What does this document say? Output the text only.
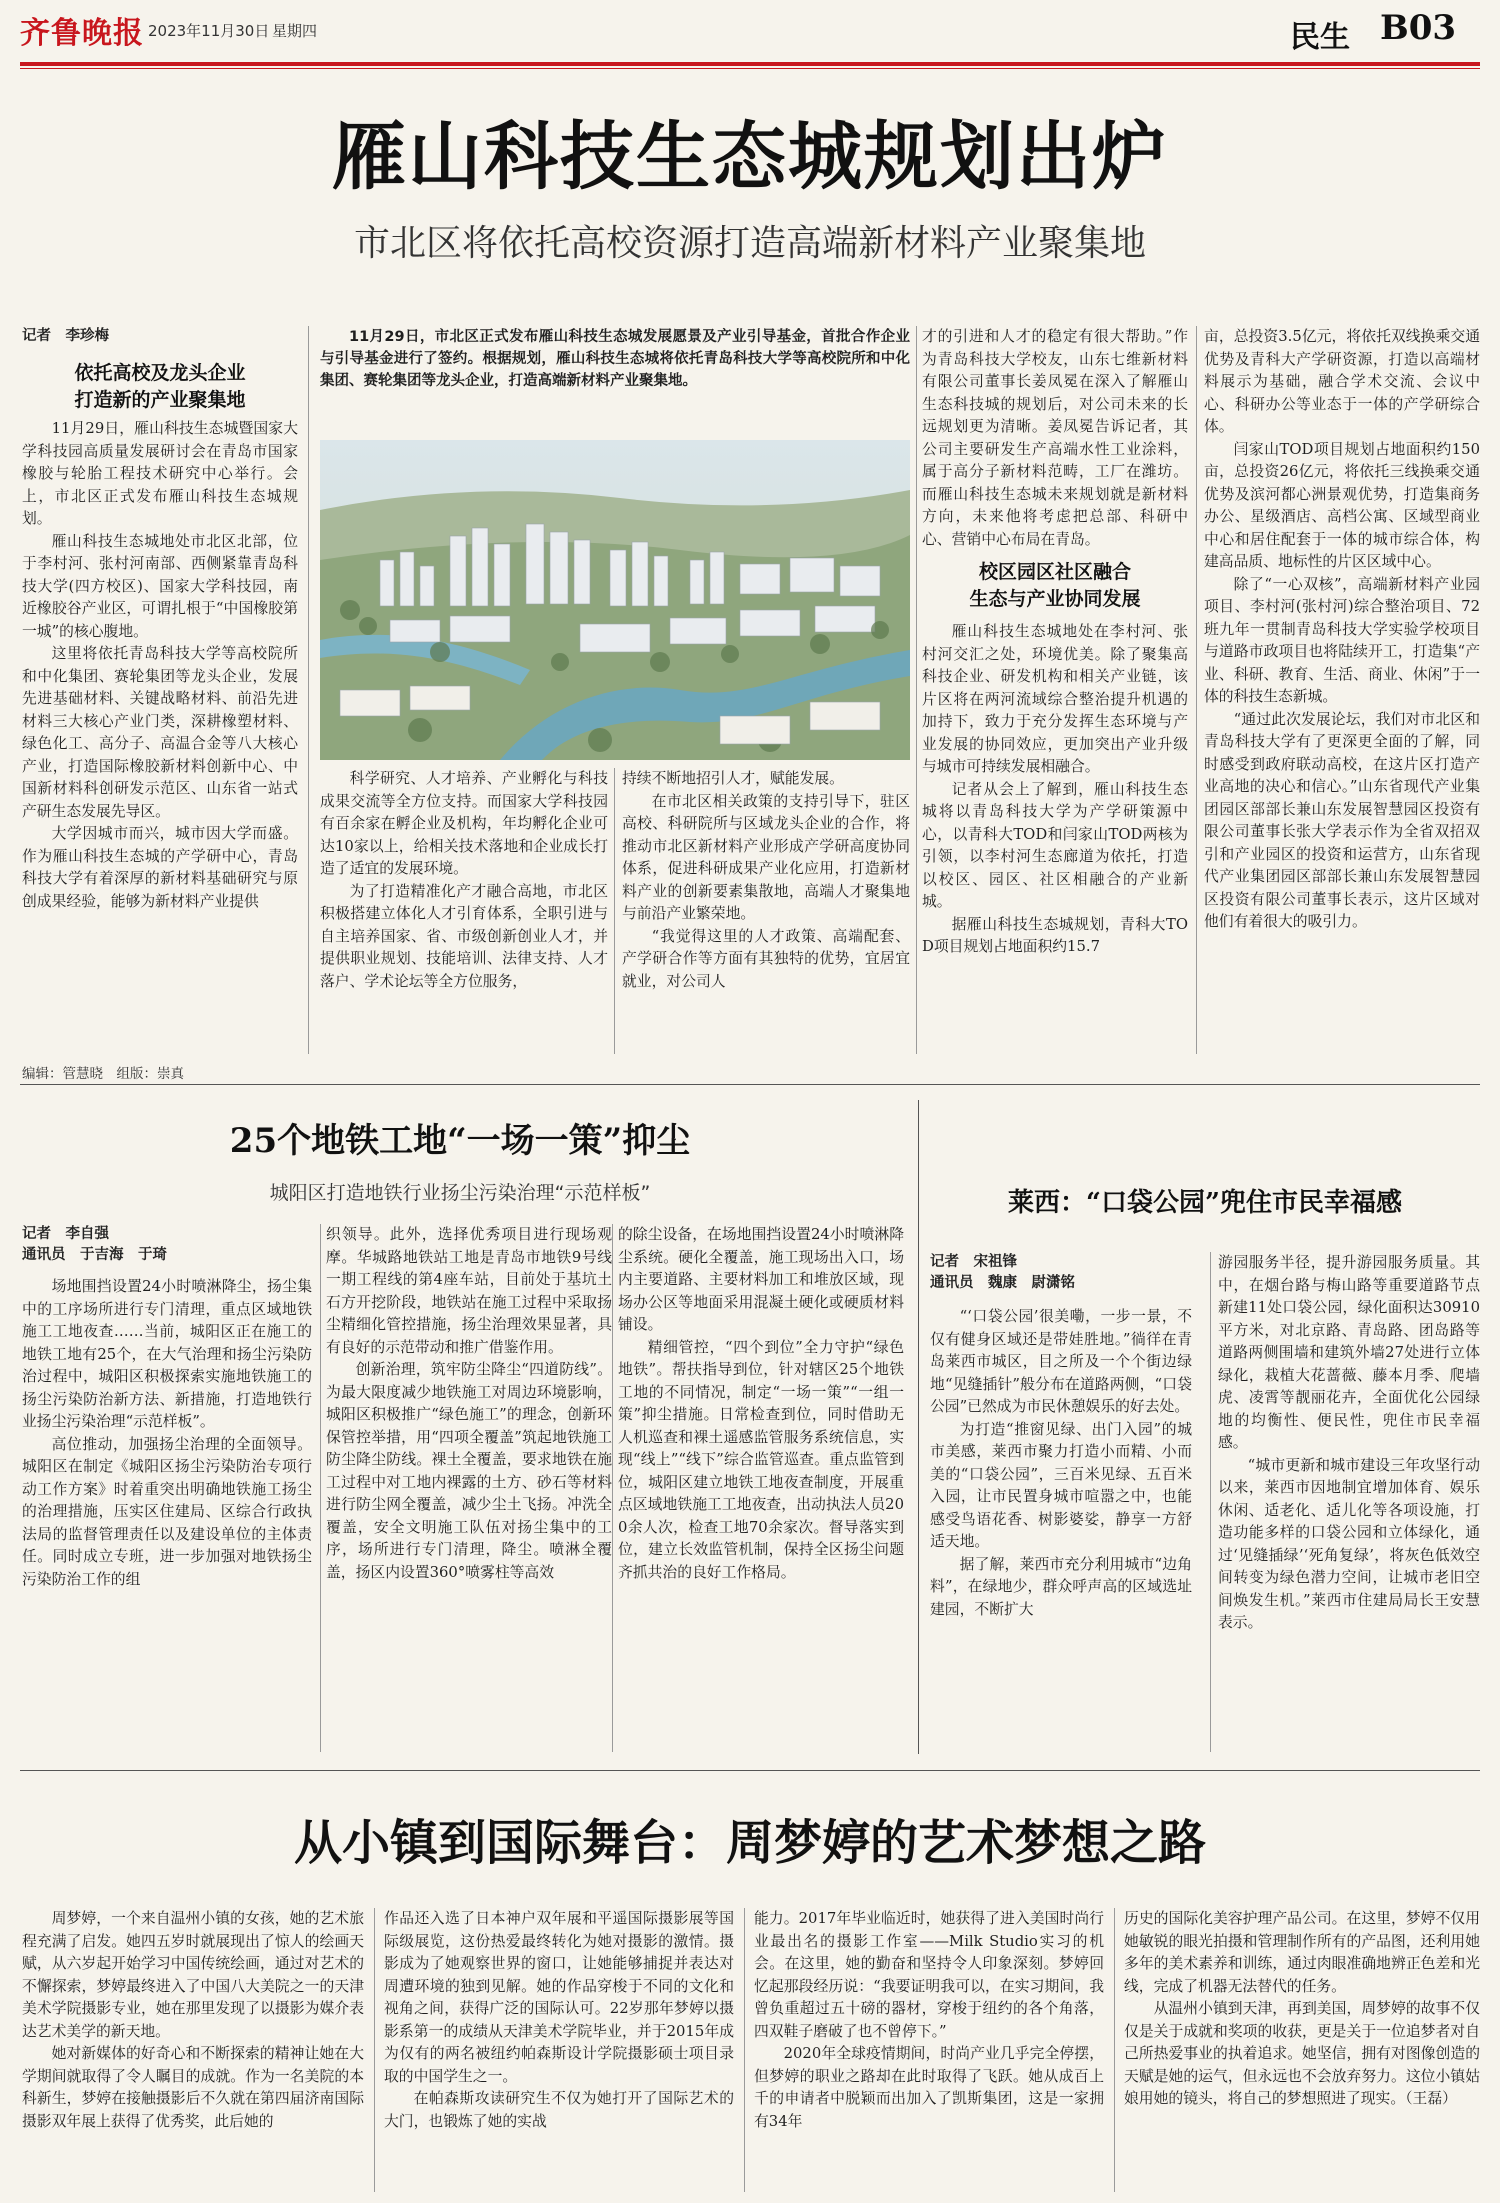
齐鲁晚报 2023年11月30日 星期四	民生 B03
雁山科技生态城规划出炉
市北区将依托高校资源打造高端新材料产业聚集地
记者　李珍梅
依托高校及龙头企业
打造新的产业聚集地

11月29日，雁山科技生态城暨国家大学科技园高质量发展研讨会在青岛市国家橡胶与轮胎工程技术研究中心举行。会上，市北区正式发布雁山科技生态城规划。

雁山科技生态城地处市北区北部，位于李村河、张村河南部、西侧紧靠青岛科技大学(四方校区)、国家大学科技园，南近橡胶谷产业区，可谓扎根于“中国橡胶第一城”的核心腹地。

这里将依托青岛科技大学等高校院所和中化集团、赛轮集团等龙头企业，发展先进基础材料、关键战略材料、前沿先进材料三大核心产业门类，深耕橡塑材料、绿色化工、高分子、高温合金等八大核心产业，打造国际橡胶新材料创新中心、中国新材料科创研发示范区、山东省一站式产研生态发展先导区。

大学因城市而兴，城市因大学而盛。作为雁山科技生态城的产学研中心，青岛科技大学有着深厚的新材料基础研究与原创成果经验，能够为新材料产业提供

11月29日，市北区正式发布雁山科技生态城发展愿景及产业引导基金，首批合作企业与引导基金进行了签约。根据规划，雁山科技生态城将依托青岛科技大学等高校院所和中化集团、赛轮集团等龙头企业，打造高端新材料产业聚集地。

科学研究、人才培养、产业孵化与科技成果交流等全方位支持。而国家大学科技园有百余家在孵企业及机构，年均孵化企业可达10家以上，给相关技术落地和企业成长打造了适宜的发展环境。

为了打造精准化产才融合高地，市北区积极搭建立体化人才引育体系，全职引进与自主培养国家、省、市级创新创业人才，并提供职业规划、技能培训、法律支持、人才落户、学术论坛等全方位服务，

持续不断地招引人才，赋能发展。

在市北区相关政策的支持引导下，驻区高校、科研院所与区域龙头企业的合作，将推动市北区新材料产业形成产学研高度协同体系，促进科研成果产业化应用，打造新材料产业的创新要素集散地，高端人才聚集地与前沿产业繁荣地。

“我觉得这里的人才政策、高端配套、产学研合作等方面有其独特的优势，宜居宜就业，对公司人

才的引进和人才的稳定有很大帮助。”作为青岛科技大学校友，山东七维新材料有限公司董事长姜凤冕在深入了解雁山生态科技城的规划后，对公司未来的长远规划更为清晰。姜凤冕告诉记者，其公司主要研发生产高端水性工业涂料，属于高分子新材料范畴，工厂在潍坊。而雁山科技生态城未来规划就是新材料方向，未来他将考虑把总部、科研中心、营销中心布局在青岛。

校区园区社区融合
生态与产业协同发展

雁山科技生态城地处在李村河、张村河交汇之处，环境优美。除了聚集高科技企业、研发机构和相关产业链，该片区将在两河流域综合整治提升机遇的加持下，致力于充分发挥生态环境与产业发展的协同效应，更加突出产业升级与城市可持续发展相融合。

记者从会上了解到，雁山科技生态城将以青岛科技大学为产学研策源中心，以青科大TOD和闫家山TOD两核为引领，以李村河生态廊道为依托，打造以校区、园区、社区相融合的产业新城。

据雁山科技生态城规划，青科大TOD项目规划占地面积约15.7

亩，总投资3.5亿元，将依托双线换乘交通优势及青科大产学研资源，打造以高端材料展示为基础，融合学术交流、会议中心、科研办公等业态于一体的产学研综合体。

闫家山TOD项目规划占地面积约150亩，总投资26亿元，将依托三线换乘交通优势及滨河都心洲景观优势，打造集商务办公、星级酒店、高档公寓、区域型商业中心和居住配套于一体的城市综合体，构建高品质、地标性的片区区域中心。

除了“一心双核”，高端新材料产业园项目、李村河(张村河)综合整治项目、72班九年一贯制青岛科技大学实验学校项目与道路市政项目也将陆续开工，打造集“产业、科研、教育、生活、商业、休闲”于一体的科技生态新城。

“通过此次发展论坛，我们对市北区和青岛科技大学有了更深更全面的了解，同时感受到政府联动高校，在这片区打造产业高地的决心和信心。”山东省现代产业集团园区部部长兼山东发展智慧园区投资有限公司董事长张大学表示作为全省双招双引和产业园区的投资和运营方，山东省现代产业集团园区部部长兼山东发展智慧园区投资有限公司董事长表示，这片区域对他们有着很大的吸引力。

编辑：管慧晓　组版：崇真
25个地铁工地“一场一策”抑尘
城阳区打造地铁行业扬尘污染治理“示范样板”
记者　李自强
通讯员　于吉海　于琦

场地围挡设置24小时喷淋降尘，扬尘集中的工序场所进行专门清理，重点区域地铁施工工地夜查……当前，城阳区正在施工的地铁工地有25个，在大气治理和扬尘污染防治过程中，城阳区积极探索实施地铁施工的扬尘污染防治新方法、新措施，打造地铁行业扬尘污染治理“示范样板”。

高位推动，加强扬尘治理的全面领导。城阳区在制定《城阳区扬尘污染防治专项行动工作方案》时着重突出明确地铁施工扬尘的治理措施，压实区住建局、区综合行政执法局的监督管理责任以及建设单位的主体责任。同时成立专班，进一步加强对地铁扬尘污染防治工作的组

织领导。此外，选择优秀项目进行现场观摩。华城路地铁站工地是青岛市地铁9号线一期工程线的第4座车站，目前处于基坑土石方开挖阶段，地铁站在施工过程中采取扬尘精细化管控措施，扬尘治理效果显著，具有良好的示范带动和推广借鉴作用。

创新治理，筑牢防尘降尘“四道防线”。为最大限度减少地铁施工对周边环境影响，城阳区积极推广“绿色施工”的理念，创新环保管控举措，用“四项全覆盖”筑起地铁施工防尘降尘防线。裸土全覆盖，要求地铁在施工过程中对工地内裸露的土方、砂石等材料进行防尘网全覆盖，减少尘土飞扬。冲洗全覆盖，安全文明施工队伍对扬尘集中的工序，场所进行专门清理，降尘。喷淋全覆盖，扬区内设置360°喷雾柱等高效

的除尘设备，在场地围挡设置24小时喷淋降尘系统。硬化全覆盖，施工现场出入口，场内主要道路、主要材料加工和堆放区域，现场办公区等地面采用混凝土硬化或硬质材料铺设。

精细管控，“四个到位”全力守护“绿色地铁”。帮扶指导到位，针对辖区25个地铁工地的不同情况，制定“一场一策”“一组一策”抑尘措施。日常检查到位，同时借助无人机巡查和裸土遥感监管服务系统信息，实现“线上”“线下”综合监管巡查。重点监管到位，城阳区建立地铁工地夜查制度，开展重点区域地铁施工工地夜查，出动执法人员200余人次，检查工地70余家次。督导落实到位，建立长效监管机制，保持全区扬尘问题齐抓共治的良好工作格局。

莱西：“口袋公园”兜住市民幸福感
记者　宋祖锋
通讯员　魏康　尉潇铭

“‘口袋公园’很美嘞，一步一景，不仅有健身区域还是带娃胜地。”徜徉在青岛莱西市城区，目之所及一个个街边绿地“见缝插针”般分布在道路两侧，“口袋公园”已然成为市民休憩娱乐的好去处。

为打造“推窗见绿、出门入园”的城市美感，莱西市聚力打造小而精、小而美的“口袋公园”，三百米见绿、五百米入园，让市民置身城市喧嚣之中，也能感受鸟语花香、树影婆娑，静享一方舒适天地。

据了解，莱西市充分利用城市“边角料”，在绿地少，群众呼声高的区域选址建园，不断扩大

游园服务半径，提升游园服务质量。其中，在烟台路与梅山路等重要道路节点新建11处口袋公园，绿化面积达30910平方米，对北京路、青岛路、团岛路等道路两侧围墙和建筑外墙27处进行立体绿化，栽植大花蔷薇、藤本月季、爬墙虎、凌霄等靓丽花卉，全面优化公园绿地的均衡性、便民性，兜住市民幸福感。

“城市更新和城市建设三年攻坚行动以来，莱西市因地制宜增加体育、娱乐休闲、适老化、适儿化等各项设施，打造功能多样的口袋公园和立体绿化，通过‘见缝插绿’‘死角复绿’，将灰色低效空间转变为绿色潜力空间，让城市老旧空间焕发生机。”莱西市住建局局长王安慧表示。

从小镇到国际舞台：周梦婷的艺术梦想之路

周梦婷，一个来自温州小镇的女孩，她的艺术旅程充满了启发。她四五岁时就展现出了惊人的绘画天赋，从六岁起开始学习中国传统绘画，通过对艺术的不懈探索，梦婷最终进入了中国八大美院之一的天津美术学院摄影专业，她在那里发现了以摄影为媒介表达艺术美学的新天地。

她对新媒体的好奇心和不断探索的精神让她在大学期间就取得了令人瞩目的成就。作为一名美院的本科新生，梦婷在接触摄影后不久就在第四届济南国际摄影双年展上获得了优秀奖，此后她的

作品还入选了日本神户双年展和平遥国际摄影展等国际级展览，这份热爱最终转化为她对摄影的激情。摄影成为了她观察世界的窗口，让她能够捕捉并表达对周遭环境的独到见解。她的作品穿梭于不同的文化和视角之间，获得广泛的国际认可。22岁那年梦婷以摄影系第一的成绩从天津美术学院毕业，并于2015年成为仅有的两名被纽约帕森斯设计学院摄影硕士项目录取的中国学生之一。

在帕森斯攻读研究生不仅为她打开了国际艺术的大门，也锻炼了她的实战

能力。2017年毕业临近时，她获得了进入美国时尚行业最出名的摄影工作室——Milk Studio实习的机会。在这里，她的勤奋和坚持令人印象深刻。梦婷回忆起那段经历说：“我要证明我可以，在实习期间，我曾负重超过五十磅的器材，穿梭于纽约的各个角落，四双鞋子磨破了也不曾停下。”

2020年全球疫情期间，时尚产业几乎完全停摆，但梦婷的职业之路却在此时取得了飞跃。她从成百上千的申请者中脱颖而出加入了凯斯集团，这是一家拥有34年

历史的国际化美容护理产品公司。在这里，梦婷不仅用她敏锐的眼光拍摄和管理制作所有的产品图，还利用她多年的美术素养和训练，通过肉眼准确地辨正色差和光线，完成了机器无法替代的任务。

从温州小镇到天津，再到美国，周梦婷的故事不仅仅是关于成就和奖项的收获，更是关于一位追梦者对自己所热爱事业的执着追求。她坚信，拥有对图像创造的天赋是她的运气，但永远也不会放弃努力。这位小镇姑娘用她的镜头，将自己的梦想照进了现实。（王磊）
